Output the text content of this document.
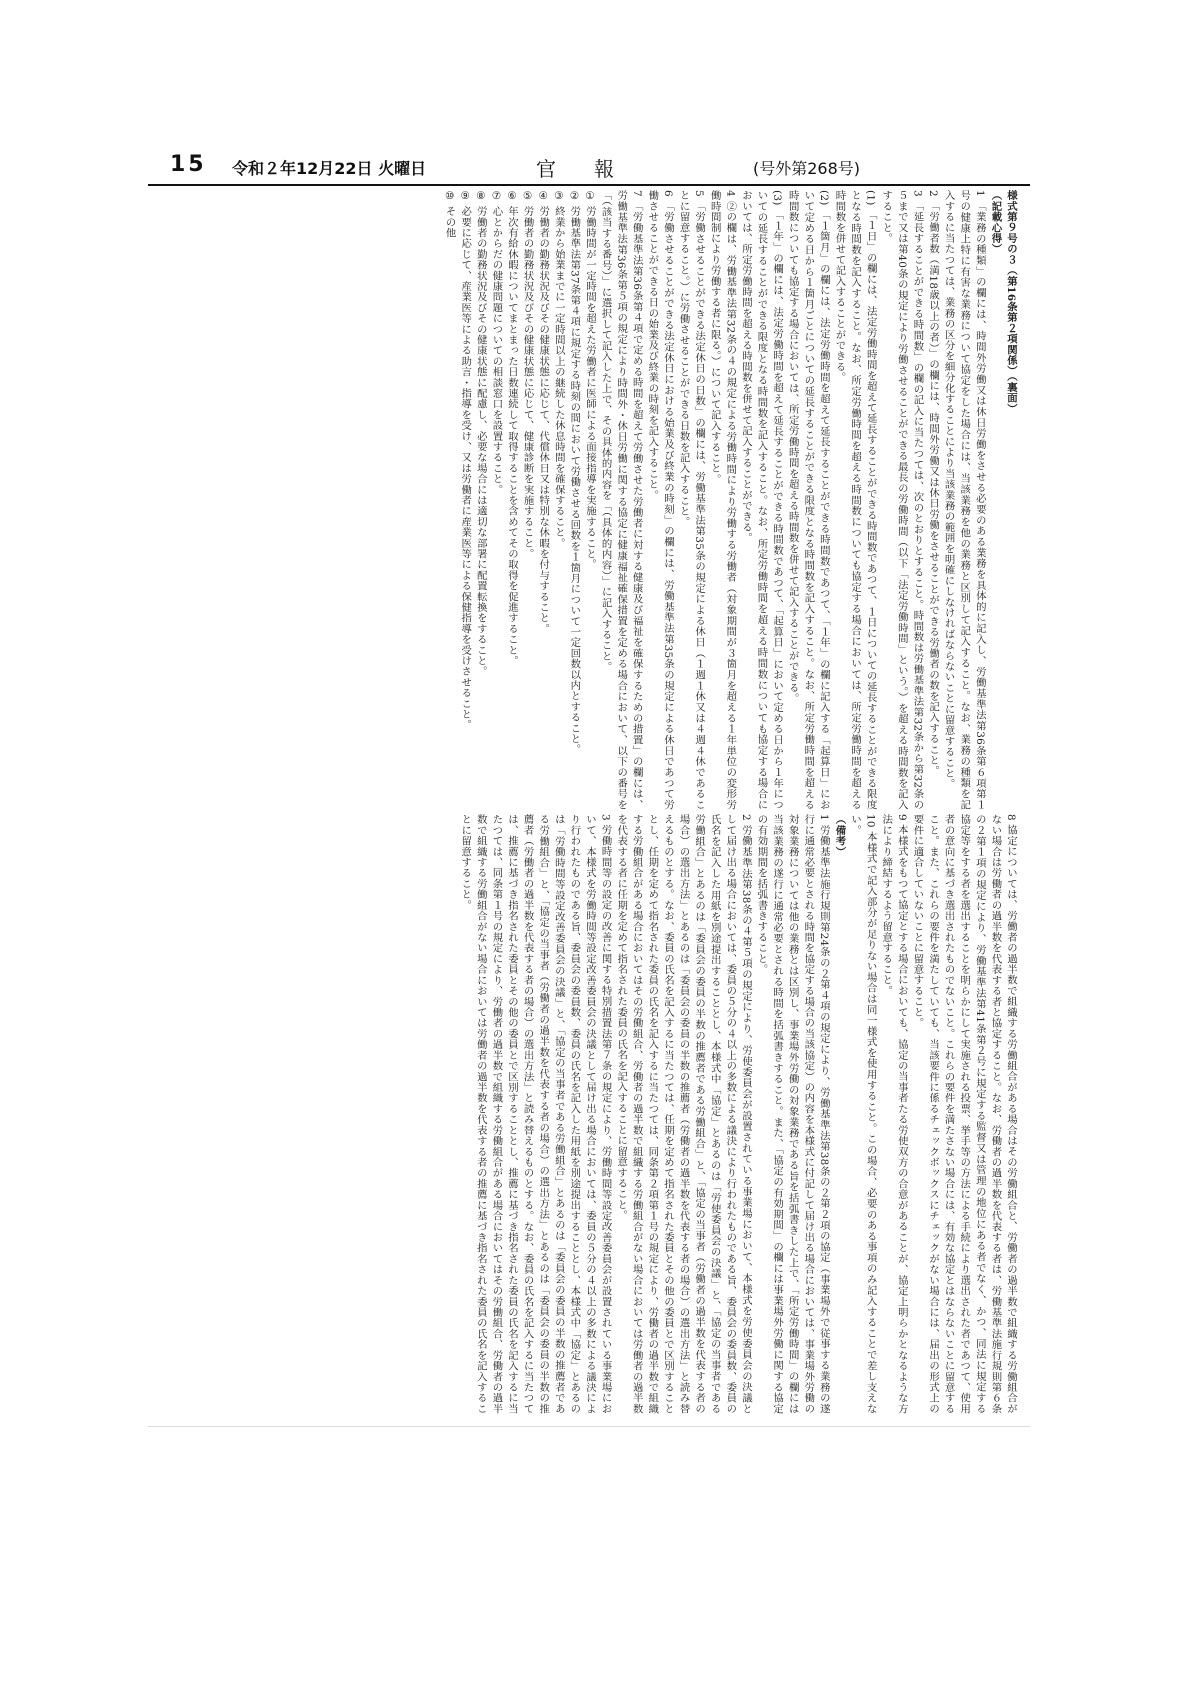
15 令和２年12月22日 火曜日	官報	(号外第268号)

様式第９号の３（第16条第２項関係）（裏面）

（記載心得）

1 「業務の種類」の欄には、時間外労働又は休日労働をさせる必要のある業務を具体的に記入し、労働基準法第36条第６項第１号の健康上特に有害な業務について協定をした場合には、当該業務を他の業務と区別して記入すること。なお、業務の種類を記入するに当たつては、業務の区分を細分化することにより当該業務の範囲を明確にしなければならないことに留意すること。

2 「労働者数（満18歳以上の者）」の欄には、時間外労働又は休日労働をさせることができる労働者の数を記入すること。

3 「延長することができる時間数」の欄の記入に当たつては、次のとおりとすること。時間数は労働基準法第32条から第32条の５まで又は第40条の規定により労働させることができる最長の労働時間（以下「法定労働時間」という。）を超える時間数を記入すること。

(1) 「１日」の欄には、法定労働時間を超えて延長することができる時間数であつて、１日についての延長することができる限度となる時間数を記入すること。なお、所定労働時間を超える時間数についても協定する場合においては、所定労働時間を超える時間数を併せて記入することができる。

(2) 「１箇月」の欄には、法定労働時間を超えて延長することができる時間数であつて、「１年」の欄に記入する「起算日」において定める日から１箇月ごとについての延長することができる限度となる時間数を記入すること。なお、所定労働時間を超える時間数についても協定する場合においては、所定労働時間を超える時間数を併せて記入することができる。

(3) 「１年」の欄には、法定労働時間を超えて延長することができる時間数であつて、「起算日」において定める日から１年についての延長することができる限度となる時間数を記入すること。なお、所定労働時間を超える時間数についても協定する場合においては、所定労働時間を超える時間数を併せて記入することができる。

4 ②の欄は、労働基準法第32条の４の規定による労働時間により労働する労働者（対象期間が３箇月を超える１年単位の変形労働時間制により労働する者に限る。）について記入すること。

5 「労働させることができる法定休日の日数」の欄には、労働基準法第35条の規定による休日（１週１休又は４週４休であることに留意すること。）に労働させることができる日数を記入すること。

6 「労働させることができる法定休日における始業及び終業の時刻」の欄には、労働基準法第35条の規定による休日であつて労働させることができる日の始業及び終業の時刻を記入すること。

7 「労働基準法第36条第４項で定める時間を超えて労働させた労働者に対する健康及び福祉を確保するための措置」の欄には、労働基準法第36条第５項の規定により時間外・休日労働に関する協定に健康福祉確保措置を定める場合において、以下の番号を「（該当する番号）」に選択して記入した上で、その具体的内容を「（具体的内容）」に記入すること。

① 労働時間が一定時間を超えた労働者に医師による面接指導を実施すること。

② 労働基準法第37条第４項に規定する時刻の間において労働させる回数を１箇月について一定回数以内とすること。

③ 終業から始業までに一定時間以上の継続した休息時間を確保すること。

④ 労働者の勤務状況及びその健康状態に応じて、代償休日又は特別な休暇を付与すること。

⑤ 労働者の勤務状況及びその健康状態に応じて、健康診断を実施すること。

⑥ 年次有給休暇についてまとまった日数連続して取得することを含めてその取得を促進すること。

⑦ 心とからだの健康問題についての相談窓口を設置すること。

⑧ 労働者の勤務状況及びその健康状態に配慮し、必要な場合には適切な部署に配置転換をすること。

⑨ 必要に応じて、産業医等による助言・指導を受け、又は労働者に産業医等による保健指導を受けさせること。

⑩ その他

8 協定については、労働者の過半数で組織する労働組合がある場合はその労働組合と、労働者の過半数で組織する労働組合がない場合は労働者の過半数を代表する者と協定すること。なお、労働者の過半数を代表する者は、労働基準法施行規則第６条の２第１項の規定により、労働基準法第41条第２号に規定する監督又は管理の地位にある者でなく、かつ、同法に規定する協定等をする者を選出することを明らかにして実施される投票、挙手等の方法による手続により選出された者であつて、使用者の意向に基づき選出されたものでないこと。これらの要件を満たさない場合には、有効な協定とはならないことに留意すること。また、これらの要件を満たしていても、当該要件に係るチェックボックスにチェックがない場合には、届出の形式上の要件に適合していないことに留意すること。

9 本様式をもつて協定とする場合においても、協定の当事者たる労使双方の合意があることが、協定上明らかとなるような方法により締結するよう留意すること。

10 本様式で記入部分が足りない場合は同一様式を使用すること。この場合、必要のある事項のみ記入することで差し支えない。

（備考）

1 労働基準法施行規則第24条の２第４項の規定により、労働基準法第38条の２第２項の協定（事業場外で従事する業務の遂行に通常必要とされる時間を協定する場合の当該協定）の内容を本様式に付記して届け出る場合においては、事業場外労働の対象業務については他の業務とは区別し、事業場外労働の対象業務である旨を括弧書きした上で、「所定労働時間」の欄には当該業務の遂行に通常必要とされる時間を括弧書きすること。また、「協定の有効期間」の欄には事業場外労働に関する協定の有効期間を括弧書きすること。

2 労働基準法第38条の４第５項の規定により、労使委員会が設置されている事業場において、本様式を労使委員会の決議として届け出る場合においては、委員の５分の４以上の多数による議決により行われたものである旨、委員会の委員数、委員の氏名を記入した用紙を別途提出することとし、本様式中「協定」とあるのは「労使委員会の決議」と、「協定の当事者である労働組合」とあるのは「委員会の委員の半数の推薦者である労働組合」と、「協定の当事者（労働者の過半数を代表する者の場合）の選出方法」とあるのは「委員会の委員の半数の推薦者（労働者の過半数を代表する者の場合）の選出方法」と読み替えるものとする。なお、委員の氏名を記入するに当たつては、任期を定めて指名された委員とその他の委員とで区別することとし、任期を定めて指名された委員の氏名を記入するに当たつては、同条第２項第１号の規定により、労働者の過半数で組織する労働組合がある場合においてはその労働組合、労働者の過半数で組織する労働組合がない場合においては労働者の過半数を代表する者に任期を定めて指名された委員の氏名を記入することに留意すること。

3 労働時間等の設定の改善に関する特別措置法第７条の規定により、労働時間等設定改善委員会が設置されている事業場において、本様式を労働時間等設定改善委員会の決議として届け出る場合においては、委員の５分の４以上の多数による議決により行われたものである旨、委員会の委員数、委員の氏名を記入した用紙を別途提出することとし、本様式中「協定」とあるのは「労働時間等設定改善委員会の決議」と、「協定の当事者である労働組合」とあるのは「委員会の委員の半数の推薦者である労働組合」と、「協定の当事者（労働者の過半数を代表する者の場合）の選出方法」とあるのは「委員会の委員の半数の推薦者（労働者の過半数を代表する者の場合）の選出方法」と読み替えるものとする。なお、委員の氏名を記入するに当たつては、推薦に基づき指名された委員とその他の委員とで区別することとし、推薦に基づき指名された委員の氏名を記入するに当たつては、同条第１号の規定により、労働者の過半数で組織する労働組合がある場合においてはその労働組合、労働者の過半数で組織する労働組合がない場合においては労働者の過半数を代表する者の推薦に基づき指名された委員の氏名を記入することに留意すること。
